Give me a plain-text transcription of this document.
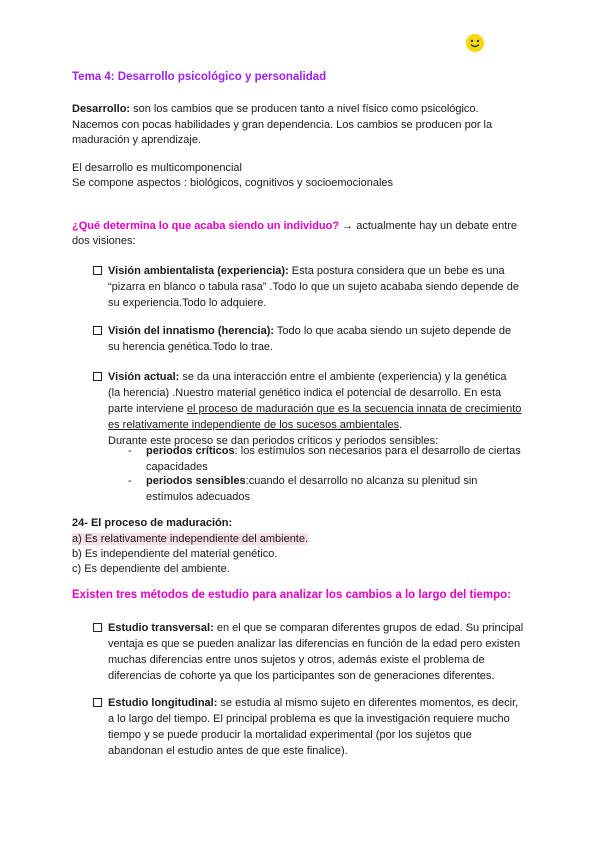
Tema 4: Desarrollo psicológico y personalidad
Desarrollo: son los cambios que se producen tanto a nivel físico como psicológico.
Nacemos con pocas habilidades y gran dependencia. Los cambios se producen por la
maduración y aprendizaje.
El desarrollo es multicomponencial
Se compone aspectos : biológicos, cognitivos y socioemocionales
¿Qué determina lo que acaba siendo un individuo? → actualmente hay un debate entre
dos visiones:
Visión ambientalista (experiencia): Esta postura considera que un bebe es una
“pizarra en blanco o tabula rasa” .Todo lo que un sujeto acababa siendo depende de
su experiencia.Todo lo adquiere.
Visión del innatismo (herencia): Todo lo que acaba siendo un sujeto depende de
su herencia genética.Todo lo trae.
Visión actual: se da una interacción entre el ambiente (experiencia) y la genética
(la herencia) .Nuestro material genético indica el potencial de desarrollo. En esta
parte interviene el proceso de maduración que es la secuencia innata de crecimiento
es relativamente independiente de los sucesos ambientales.
Durante este proceso se dan periodos críticos y periodos sensibles:
- periodos críticos: los estímulos son necesarios para el desarrollo de ciertas
capacidades
- periodos sensibles:cuando el desarrollo no alcanza su plenitud sin
estímulos adecuados
24- El proceso de maduración:
a) Es relativamente independiente del ambiente.
b) Es independiente del material genético.
c) Es dependiente del ambiente.
Existen tres métodos de estudio para analizar los cambios a lo largo del tiempo:
Estudio transversal: en el que se comparan diferentes grupos de edad. Su principal
ventaja es que se pueden analizar las diferencias en función de la edad pero existen
muchas diferencias entre unos sujetos y otros, además existe el problema de
diferencias de cohorte ya que los participantes son de generaciones diferentes.
Estudio longitudinal: se estudia al mismo sujeto en diferentes momentos, es decir,
a lo largo del tiempo. El principal problema es que la investigación requiere mucho
tiempo y se puede producir la mortalidad experimental (por los sujetos que
abandonan el estudio antes de que este finalice).
